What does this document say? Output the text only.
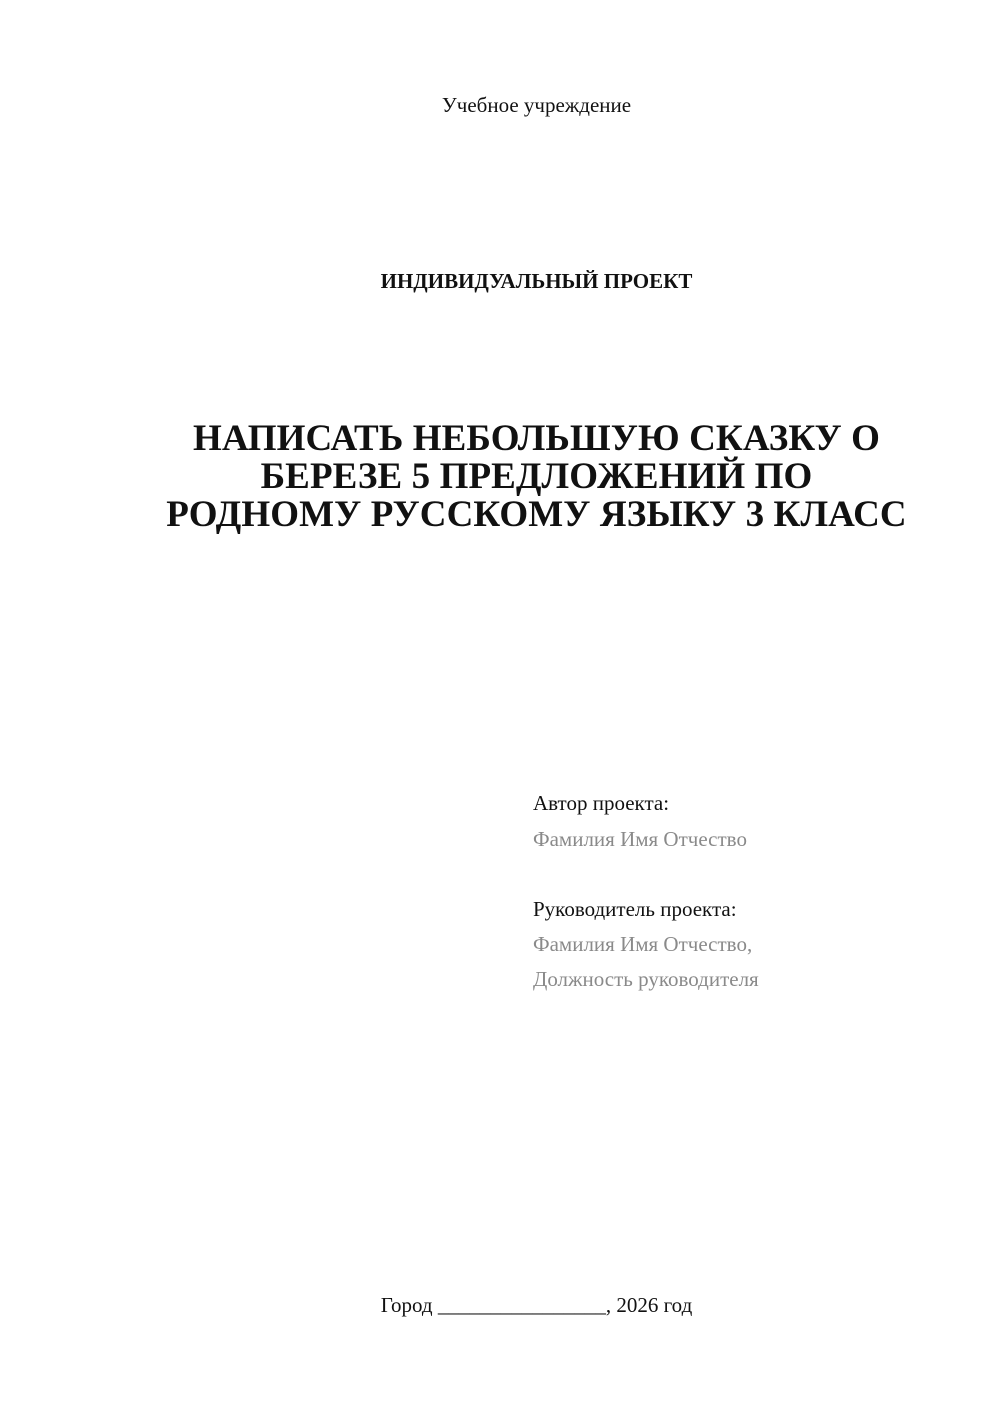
Учебное учреждение
ИНДИВИДУАЛЬНЫЙ ПРОЕКТ
НАПИСАТЬ НЕБОЛЬШУЮ СКАЗКУ О
БЕРЕЗЕ 5 ПРЕДЛОЖЕНИЙ ПО
РОДНОМУ РУССКОМУ ЯЗЫКУ 3 КЛАСС
Автор проекта:
Фамилия Имя Отчество
Руководитель проекта:
Фамилия Имя Отчество,
Должность руководителя
Город ________________, 2026 год
